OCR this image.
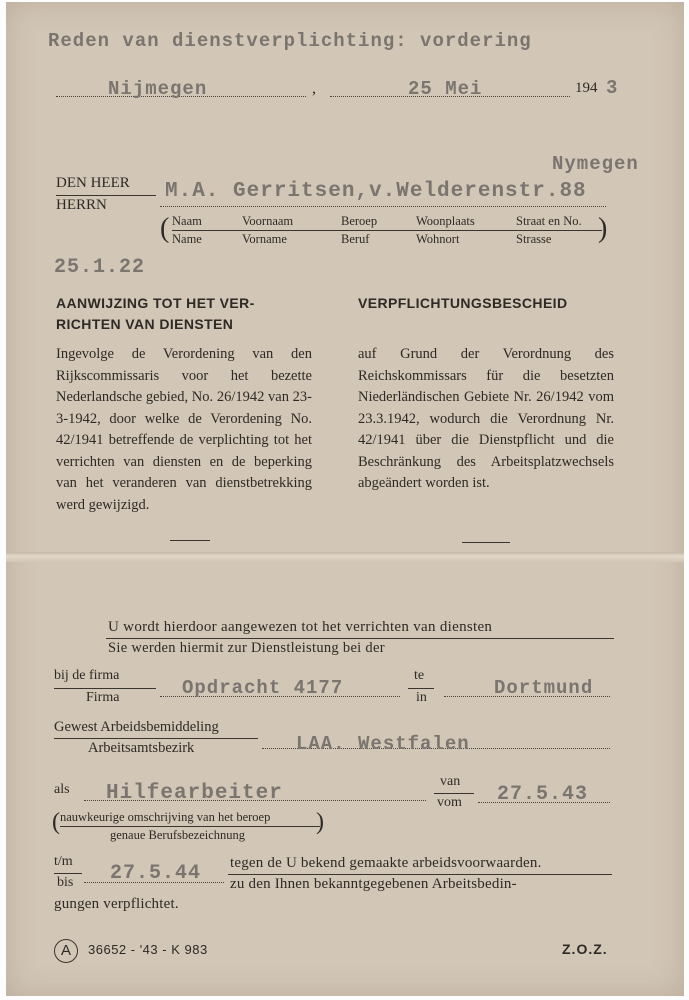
Reden van dienstverplichting: vordering
Nijmegen	,	25 Mei	194 3
Nymegen
DEN HEER
HERRN
M.A. Gerritsen,v.Welderenstr.88
(	)
Naam	Voornaam	Beroep	Woonplaats	Straat en No.
Name	Vorname	Beruf	Wohnort	Strasse
25.1.22
AANWIJZING TOT HET VER-RICHTEN VAN DIENSTEN
Ingevolge de Verordening van den Rijkscommissaris voor het bezette Nederlandsche gebied, No. 26/1942 van 23-3-1942, door welke de Verordening No. 42/1941 betreffende de verplichting tot het verrichten van diensten en de beperking van het veranderen van dienstbetrekking werd gewijzigd.
VERPFLICHTUNGSBESCHEID
auf Grund der Verordnung des Reichskommissars für die besetzten Niederländischen Gebiete Nr. 26/1942 vom 23.3.1942, wodurch die Verordnung Nr. 42/1941 über die Dienstpflicht und die Beschränkung des Arbeitsplatzwechsels abgeändert worden ist.
U wordt hierdoor aangewezen tot het verrichten van diensten
Sie werden hiermit zur Dienstleistung bei der
bij de firma
Firma	Opdracht 4177
te
in	Dortmund
Gewest Arbeidsbemiddeling
Arbeitsamtsbezirk	LAA. Westfalen
als Hilfearbeiter
van
vom 27.5.43
(	)
nauwkeurige omschrijving van het beroep
genaue Berufsbezeichnung
t/m
bis 27.5.44 tegen de U bekend gemaakte arbeidsvoorwaarden.
zu den Ihnen bekanntgegebenen Arbeitsbedin-
gungen verpflichtet.
A	36652 - '43 - K 983	Z.O.Z.
